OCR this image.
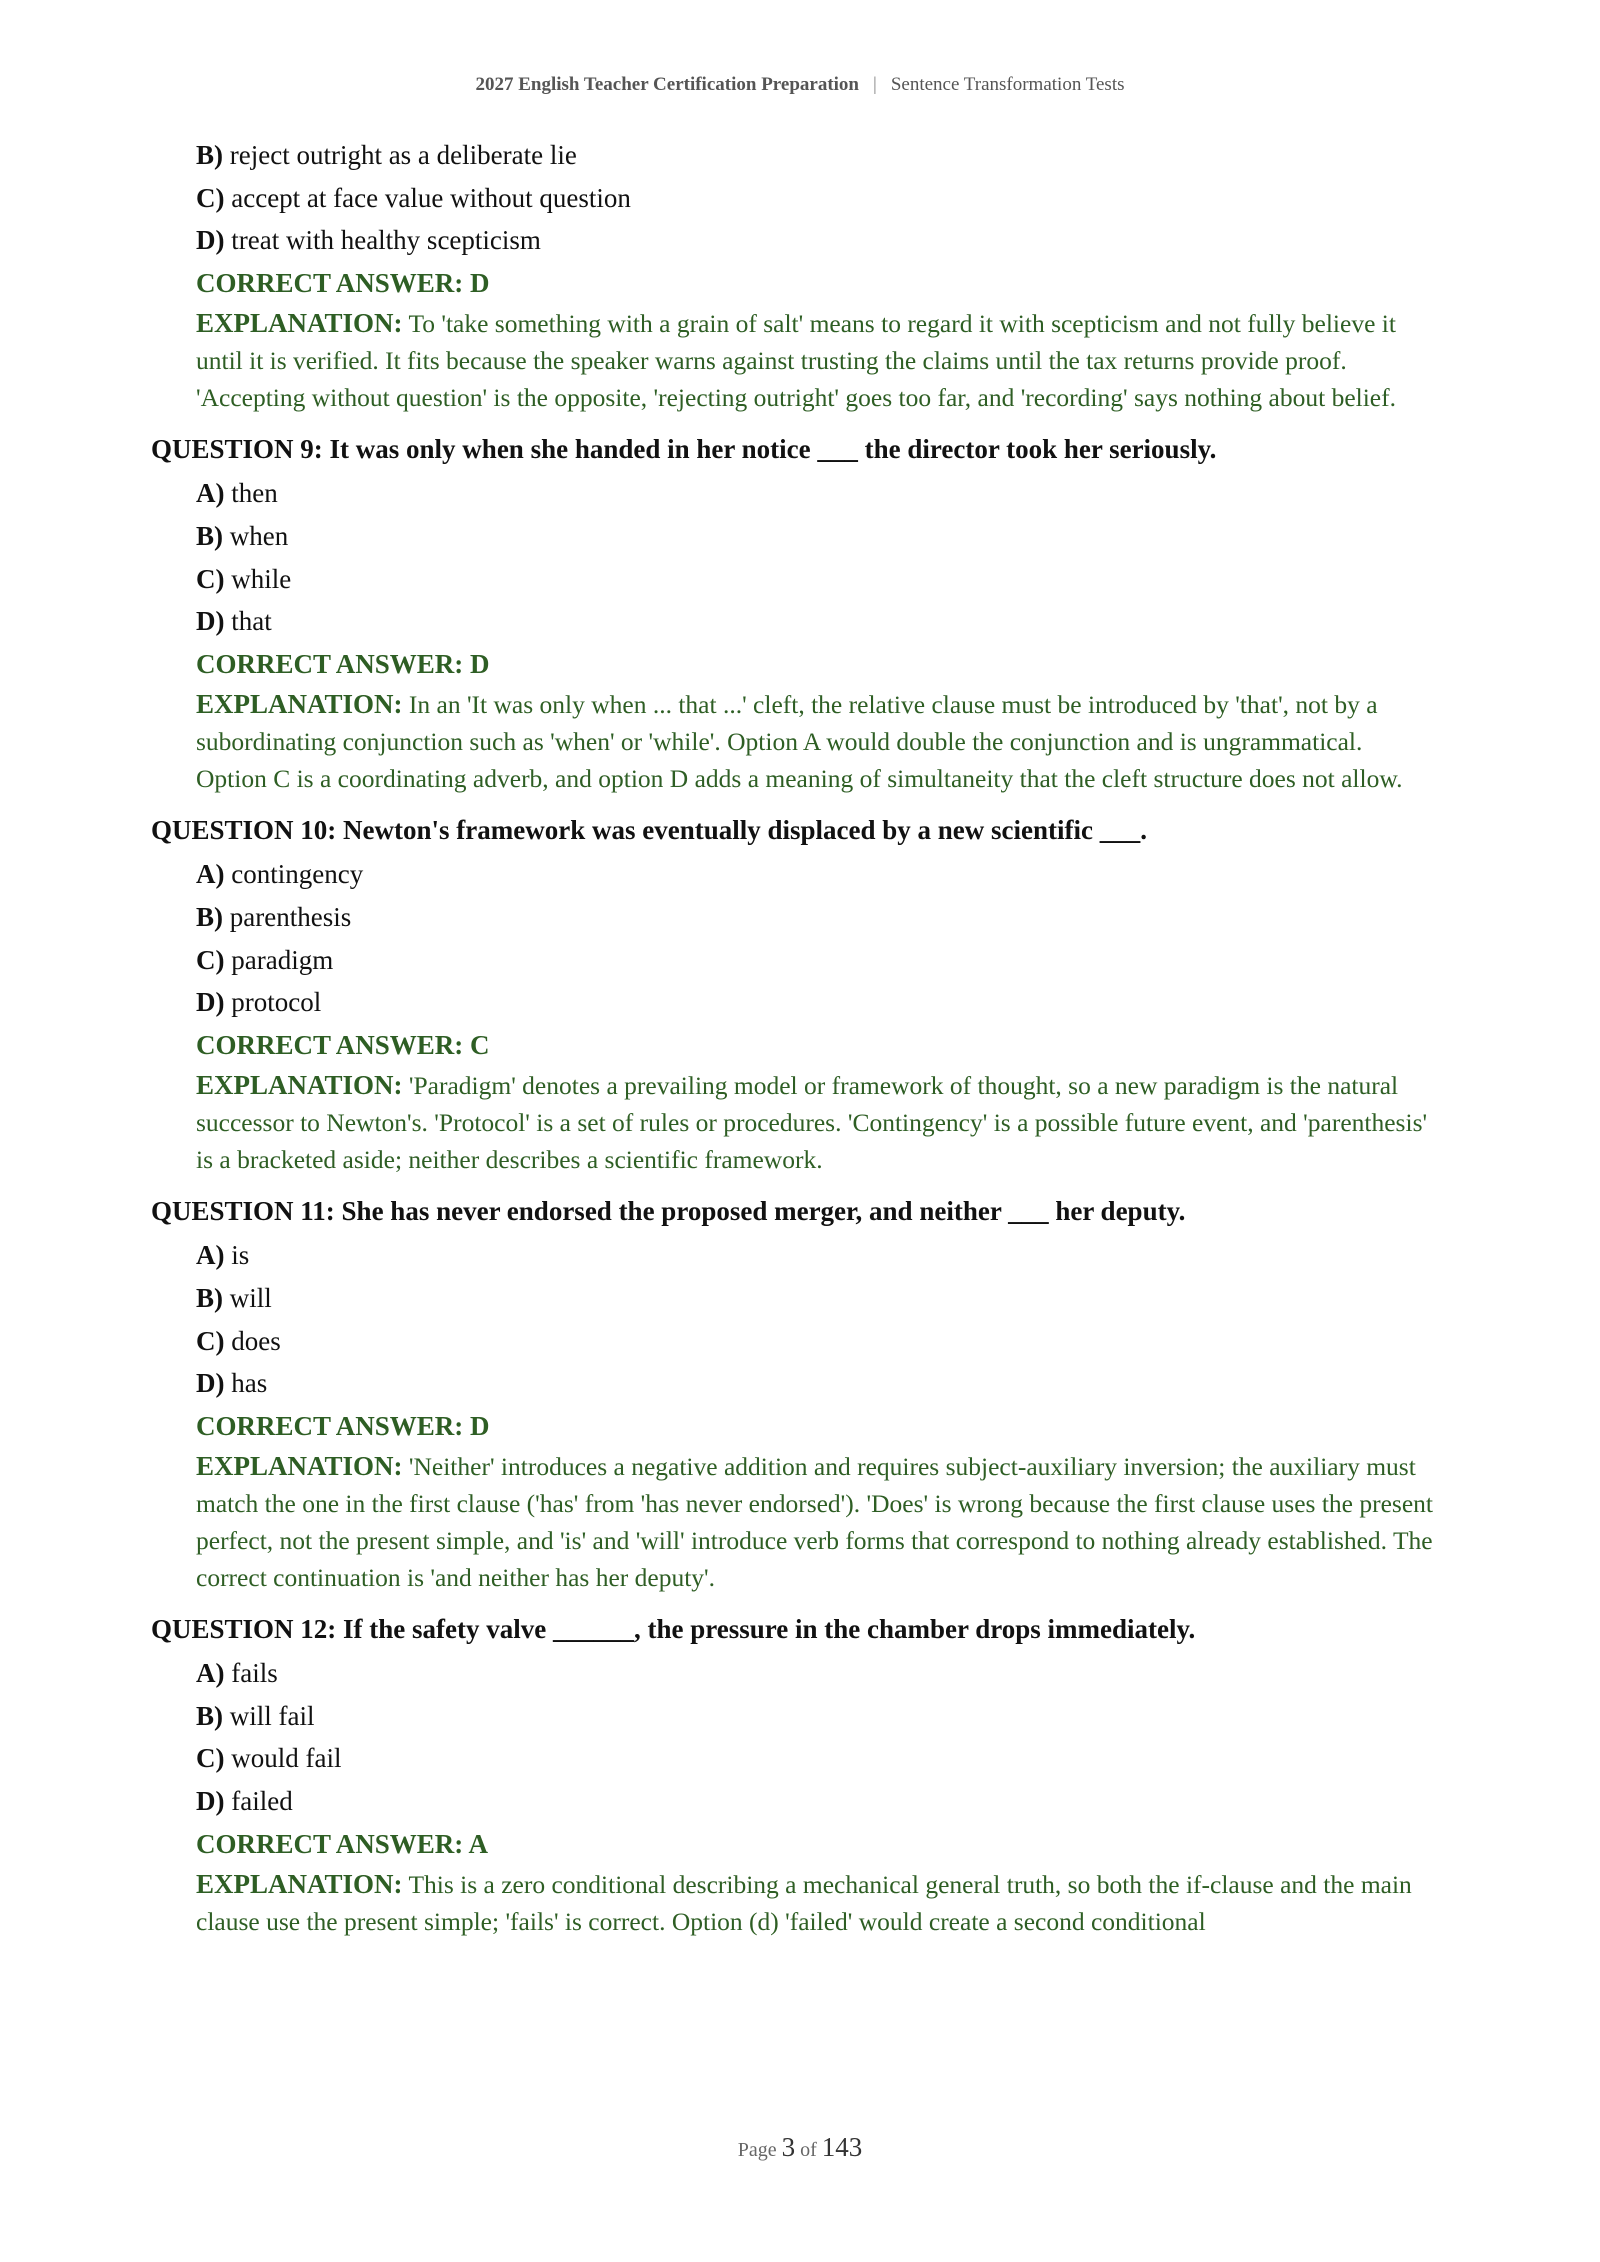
2027 English Teacher Certification Preparation | Sentence Transformation Tests
B) reject outright as a deliberate lie
C) accept at face value without question
D) treat with healthy scepticism
CORRECT ANSWER: D
EXPLANATION: To 'take something with a grain of salt' means to regard it with scepticism and not fully believe it until it is verified. It fits because the speaker warns against trusting the claims until the tax returns provide proof. 'Accepting without question' is the opposite, 'rejecting outright' goes too far, and 'recording' says nothing about belief.
QUESTION 9: It was only when she handed in her notice ___ the director took her seriously.
A) then
B) when
C) while
D) that
CORRECT ANSWER: D
EXPLANATION: In an 'It was only when ... that ...' cleft, the relative clause must be introduced by 'that', not by a subordinating conjunction such as 'when' or 'while'. Option A would double the conjunction and is ungrammatical. Option C is a coordinating adverb, and option D adds a meaning of simultaneity that the cleft structure does not allow.
QUESTION 10: Newton's framework was eventually displaced by a new scientific ___.
A) contingency
B) parenthesis
C) paradigm
D) protocol
CORRECT ANSWER: C
EXPLANATION: 'Paradigm' denotes a prevailing model or framework of thought, so a new paradigm is the natural successor to Newton's. 'Protocol' is a set of rules or procedures. 'Contingency' is a possible future event, and 'parenthesis' is a bracketed aside; neither describes a scientific framework.
QUESTION 11: She has never endorsed the proposed merger, and neither ___ her deputy.
A) is
B) will
C) does
D) has
CORRECT ANSWER: D
EXPLANATION: 'Neither' introduces a negative addition and requires subject-auxiliary inversion; the auxiliary must match the one in the first clause ('has' from 'has never endorsed'). 'Does' is wrong because the first clause uses the present perfect, not the present simple, and 'is' and 'will' introduce verb forms that correspond to nothing already established. The correct continuation is 'and neither has her deputy'.
QUESTION 12: If the safety valve ______, the pressure in the chamber drops immediately.
A) fails
B) will fail
C) would fail
D) failed
CORRECT ANSWER: A
EXPLANATION: This is a zero conditional describing a mechanical general truth, so both the if-clause and the main clause use the present simple; 'fails' is correct. Option (d) 'failed' would create a second conditional
Page 3 of 143
